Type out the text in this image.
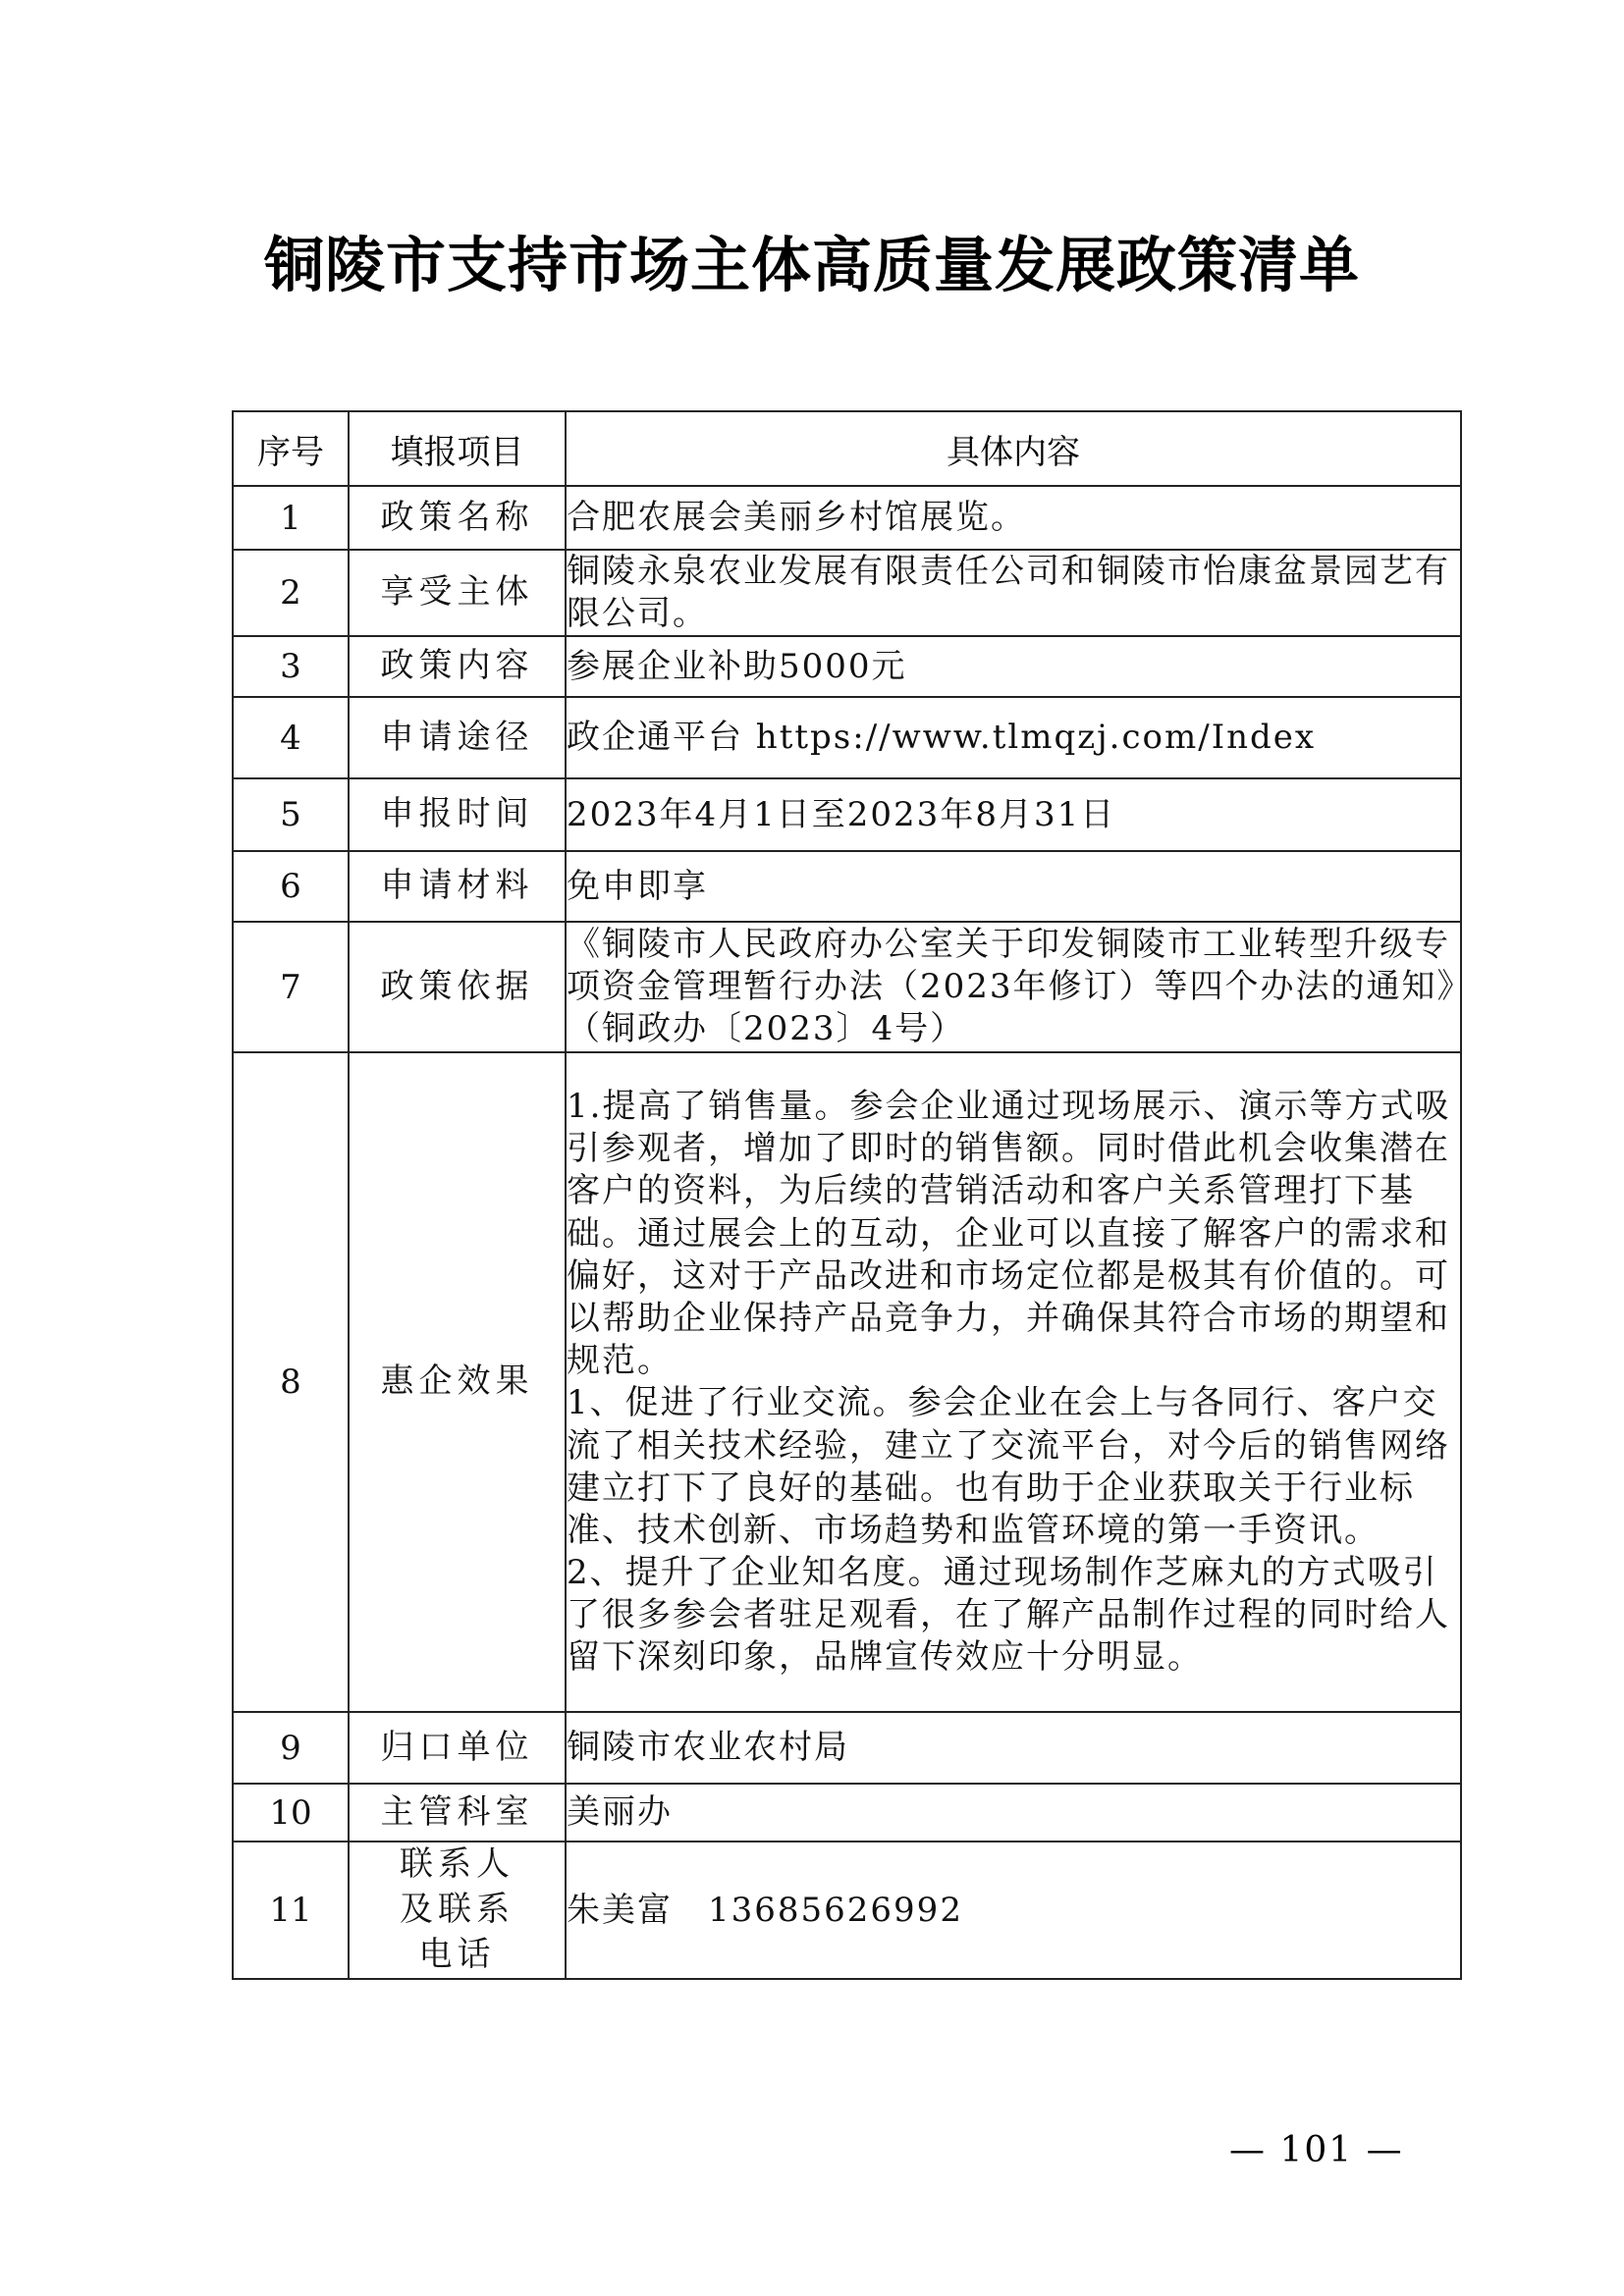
铜陵市支持市场主体高质量发展政策清单
序号	填报项目	具体内容
1	政策名称	合肥农展会美丽乡村馆展览。

2	享受主体	铜陵永泉农业发展有限责任公司和铜陵市怡康盆景园艺有限公司。

3	政策内容	参展企业补助5000元

4	申请途径	政企通平台 https://www.tlmqzj.com/Index

5	申报时间	2023年4月1日至2023年8月31日

6	申请材料	免申即享

7	政策依据	《铜陵市人民政府办公室关于印发铜陵市工业转型升级专项资金管理暂行办法（2023年修订）等四个办法的通知》（铜政办〔2023〕4号）

8	惠企效果	1.提高了销售量。参会企业通过现场展示、演示等方式吸引参观者，增加了即时的销售额。同时借此机会收集潜在客户的资料，为后续的营销活动和客户关系管理打下基础。通过展会上的互动，企业可以直接了解客户的需求和偏好，这对于产品改进和市场定位都是极其有价值的。可以帮助企业保持产品竞争力，并确保其符合市场的期望和规范。
1、促进了行业交流。参会企业在会上与各同行、客户交流了相关技术经验，建立了交流平台，对今后的销售网络建立打下了良好的基础。也有助于企业获取关于行业标准、技术创新、市场趋势和监管环境的第一手资讯。
2、提升了企业知名度。通过现场制作芝麻丸的方式吸引了很多参会者驻足观看，在了解产品制作过程的同时给人留下深刻印象，品牌宣传效应十分明显。

9	归口单位	铜陵市农业农村局

10	主管科室	美丽办

11	联系人及联系电话	朱美富　13685626992
— 101 —
